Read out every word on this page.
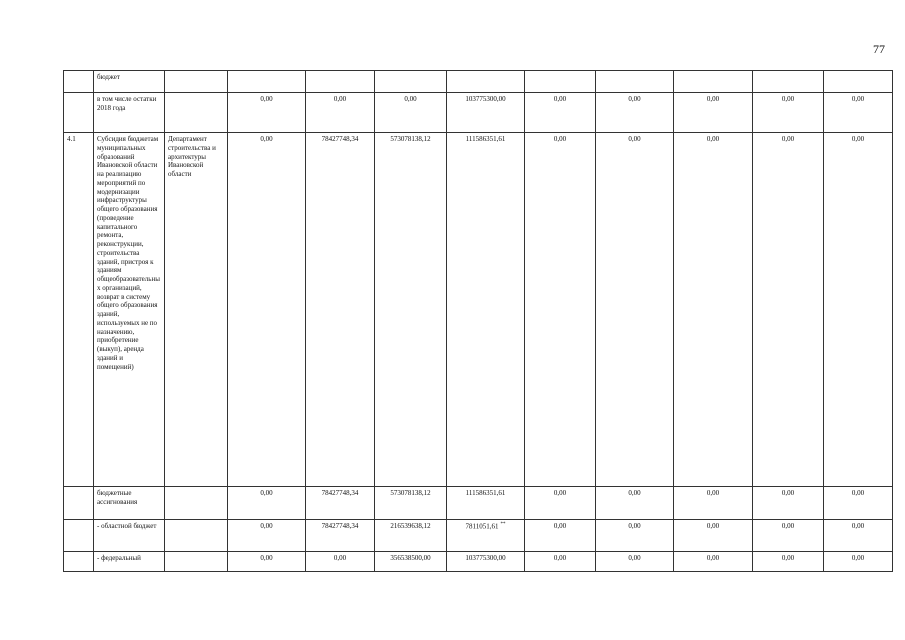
77
	бюджет										
	в том числе остатки 2018 года		0,00	0,00	0,00	103775300,00	0,00	0,00	0,00	0,00	0,00
4.1	Субсидия бюджетам муниципальных образований Ивановской области на реализацию мероприятий по модернизации инфраструктуры общего образования (проведение капитального ремонта, реконструкции, строительства зданий, пристроя к зданиям общеобразовательных организаций, возврат в систему общего образования зданий, используемых не по назначению, приобретение (выкуп), аренда зданий и помещений)	Департамент строительства и архитектуры Ивановской области	0,00	78427748,34	573078138,12	111586351,61	0,00	0,00	0,00	0,00	0,00
	бюджетные ассигнования		0,00	78427748,34	573078138,12	111586351,61	0,00	0,00	0,00	0,00	0,00
	- областной бюджет		0,00	78427748,34	216539638,12	7811051,61 **	0,00	0,00	0,00	0,00	0,00
	- федеральный		0,00	0,00	356538500,00	103775300,00	0,00	0,00	0,00	0,00	0,00
